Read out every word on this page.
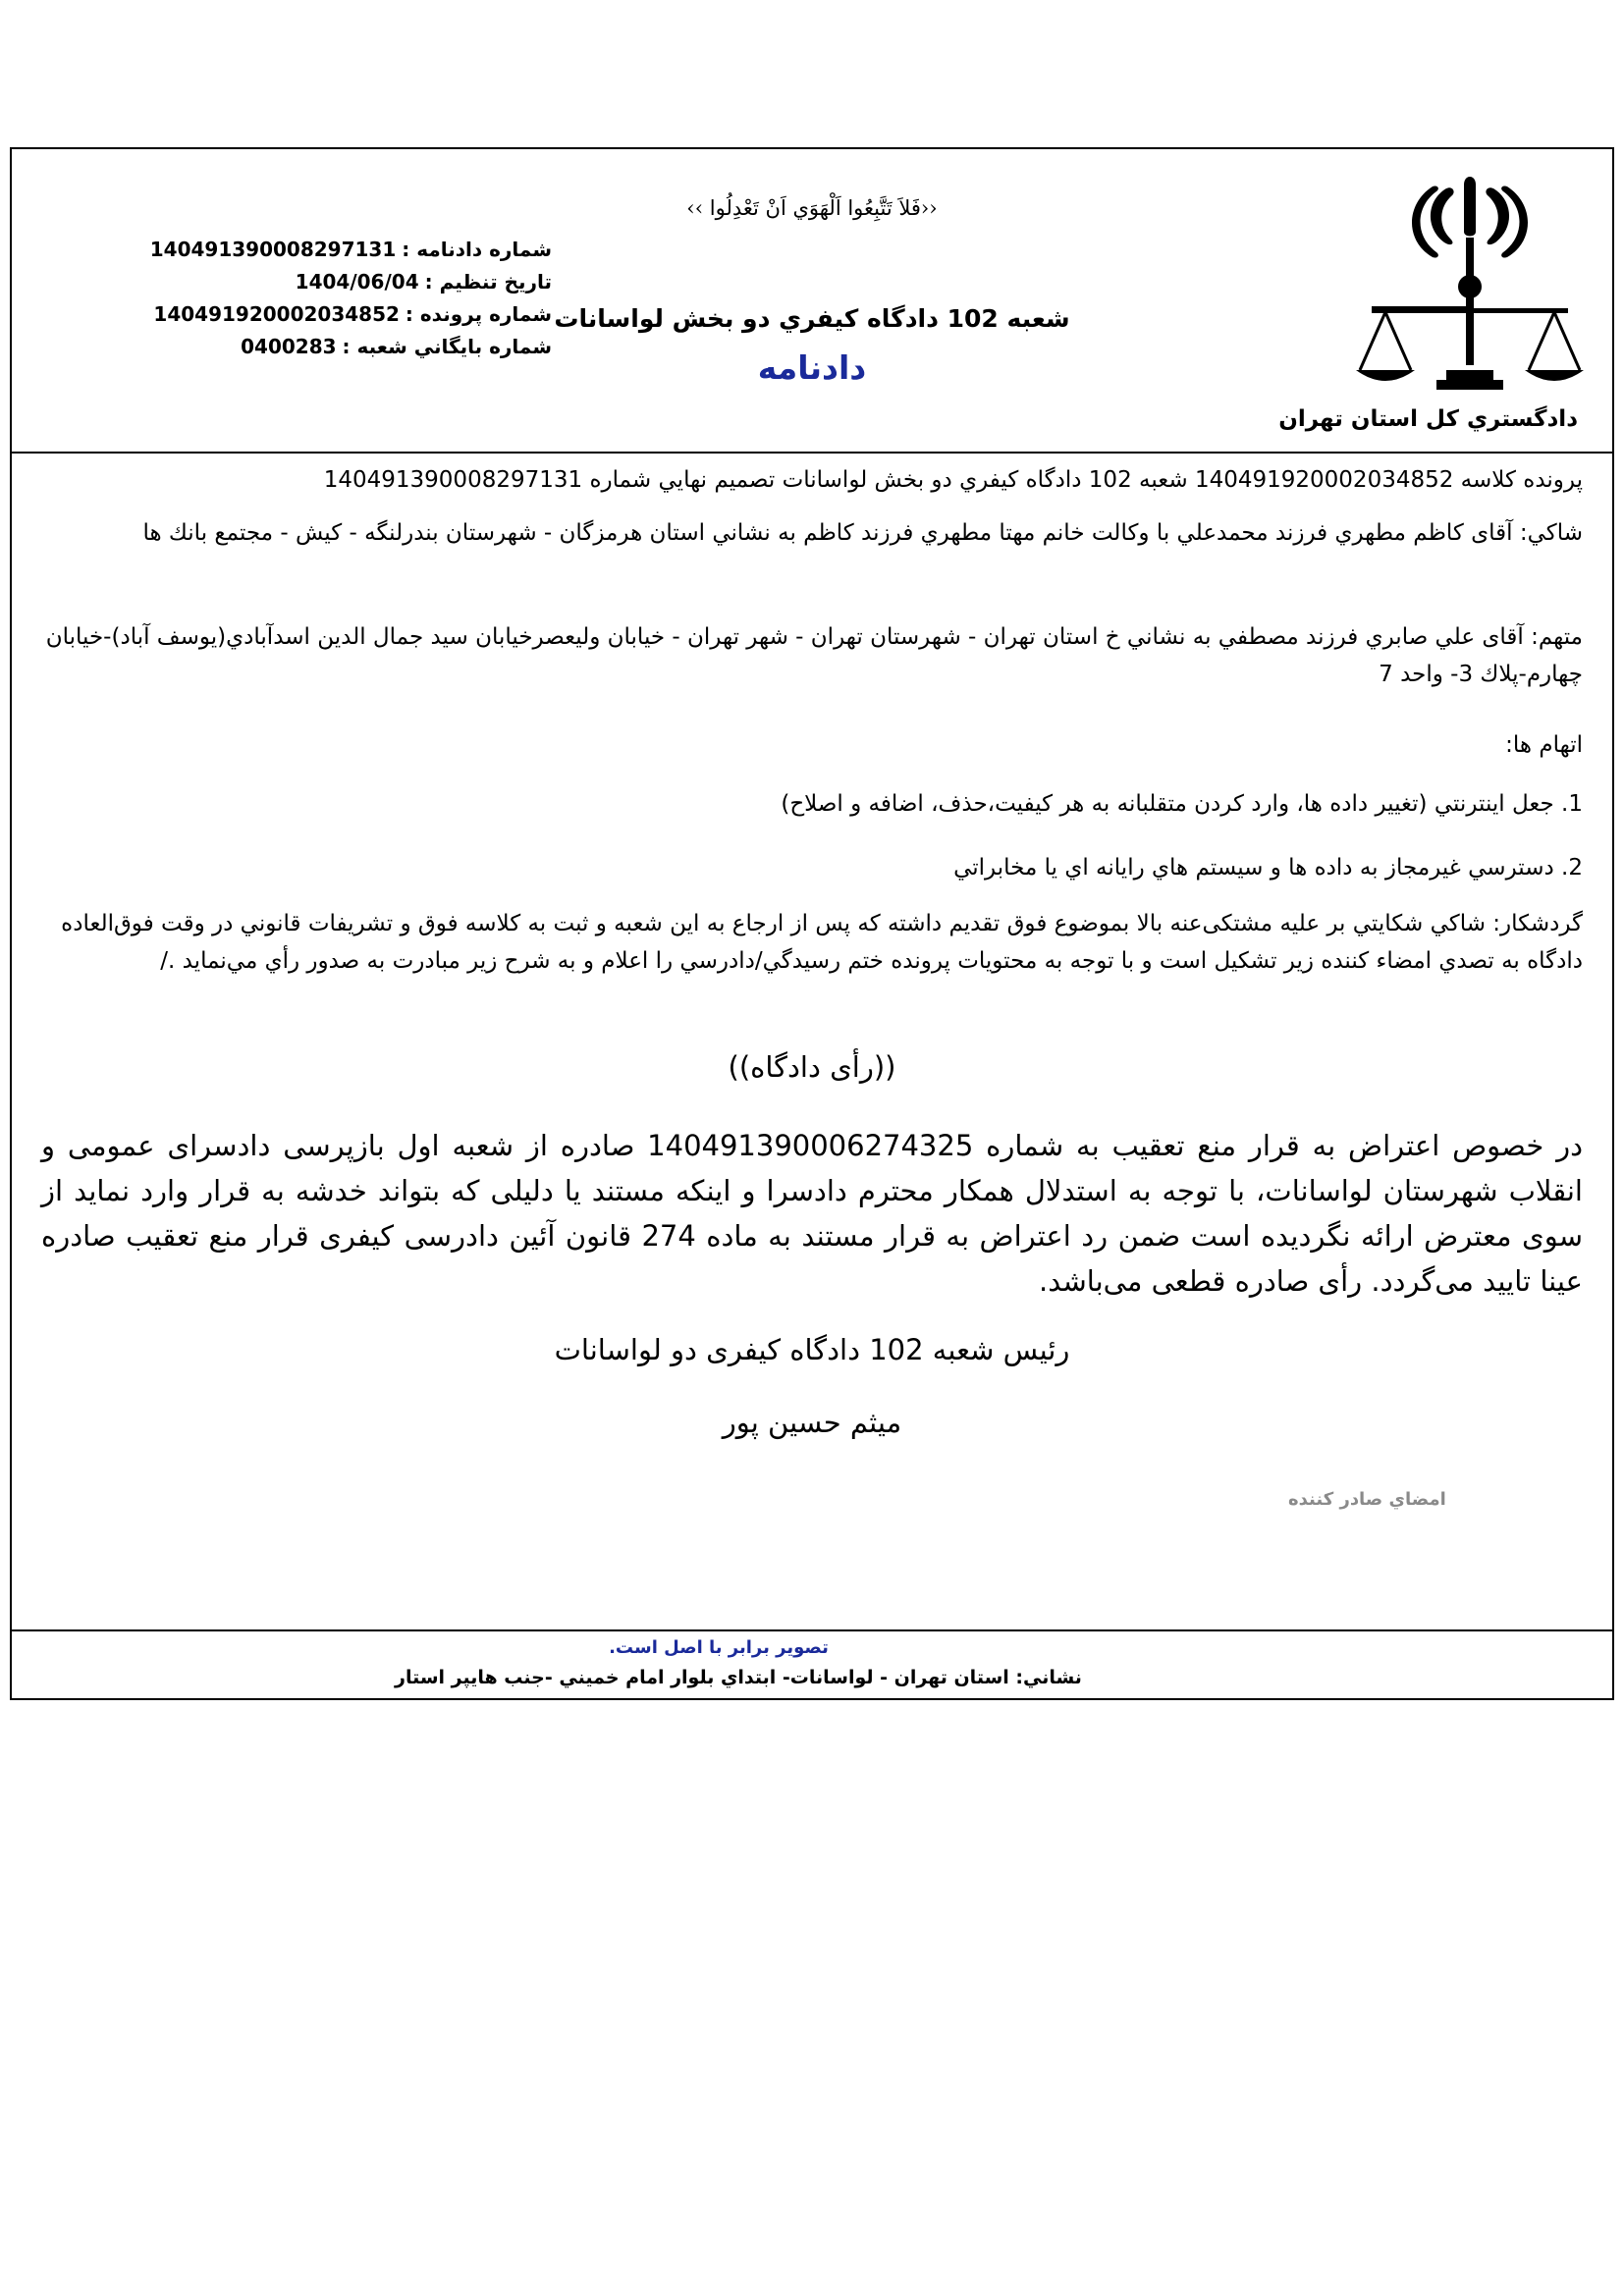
دادگستري كل استان تهران
‹‹فَلاَ تَتَّبِعُوا اَلْهَوَي اَنْ تَعْدِلُوا ››
شعبه 102 دادگاه كيفري دو بخش لواسانات
دادنامه
شماره دادنامه :
140491390008297131
تاريخ تنظيم :
1404/06/04
شماره پرونده :
140491920002034852
شماره بايگاني شعبه :
0400283
پرونده كلاسه 140491920002034852 شعبه 102 دادگاه كيفري دو بخش لواسانات تصميم نهايي شماره 140491390008297131
شاكي: آقای كاظم مطهري فرزند محمدعلي با وكالت خانم مهتا مطهري فرزند كاظم به نشاني استان هرمزگان - شهرستان بندرلنگه - كيش - مجتمع بانك ها
متهم: آقای علي صابري فرزند مصطفي به نشاني خ استان تهران - شهرستان تهران - شهر تهران - خيابان وليعصرخيابان سيد جمال الدين اسدآبادي(يوسف آباد)-خيابان چهارم-پلاك 3- واحد 7
اتهام ها:
1. جعل اينترنتي (تغيير داده ها، وارد كردن متقلبانه به هر كيفيت،حذف، اضافه و اصلاح)
2. دسترسي غيرمجاز به داده ها و سيستم هاي رايانه اي يا مخابراتي
گردشكار: شاكي شكايتي بر عليه مشتكی‌عنه بالا بموضوع فوق تقديم داشته كه پس از ارجاع به اين شعبه و ثبت به كلاسه فوق و تشريفات قانوني در وقت فوق‌العاده دادگاه به تصدي امضاء كننده زير تشكيل است و با توجه به محتويات پرونده ختم رسيدگي/دادرسي را اعلام و به شرح زير مبادرت به صدور رأي مي‌نمايد ./
((رأی دادگاه))
در خصوص اعتراض به قرار منع تعقیب به شماره 140491390006274325 صادره از شعبه اول بازپرسی دادسرای عمومی و انقلاب شهرستان لواسانات، با توجه به استدلال همکار محترم دادسرا و اینکه مستند یا دلیلی که بتواند خدشه به قرار وارد نماید از سوی معترض ارائه نگردیده است ضمن رد اعتراض به قرار مستند به ماده 274 قانون آئین دادرسی کیفری قرار منع تعقیب صادره عینا تایید می‌گردد. رأی صادره قطعی می‌باشد.
رئیس شعبه 102 دادگاه کیفری دو لواسانات
میثم حسین پور
امضاي صادر كننده
تصوير برابر با اصل است.
نشاني: استان تهران - لواسانات- ابتداي بلوار امام خميني -جنب هايپر استار
